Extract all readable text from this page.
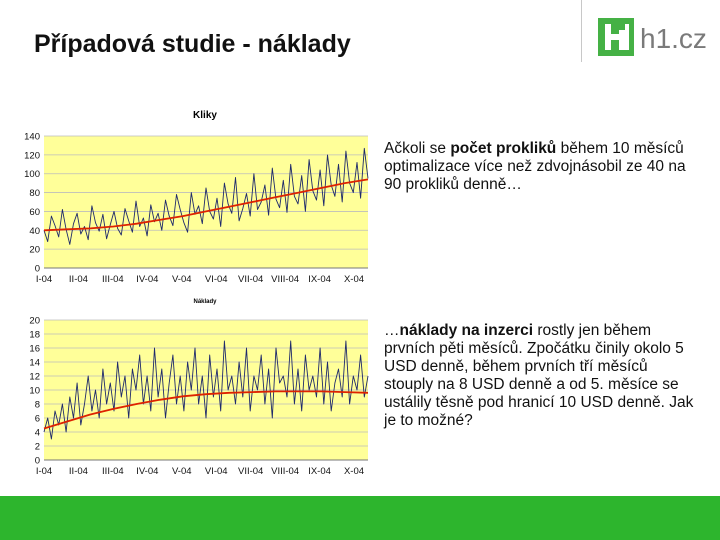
Případová studie - náklady	h1.cz
Kliky
0
20
40
60
80
100
120
140
I-04 II-04 III-04 IV-04 V-04 VI-04 VII-04 VIII-04 IX-04 X-04
Náklady
0
2
4
6
8
10
12
14
16
18
20
I-04 II-04 III-04 IV-04 V-04 VI-04 VII-04 VIII-04 IX-04 X-04
Ačkoli se počet prokliků během 10 měsíců optimalizace více než zdvojnásobil ze 40 na 90 prokliků denně…
…náklady na inzerci rostly jen během prvních pěti měsíců. Zpočátku činily okolo 5 USD denně, během prvních tří měsíců stouply na 8 USD denně a od 5. měsíce se ustálily těsně pod hranicí 10 USD denně. Jak je to možné?
